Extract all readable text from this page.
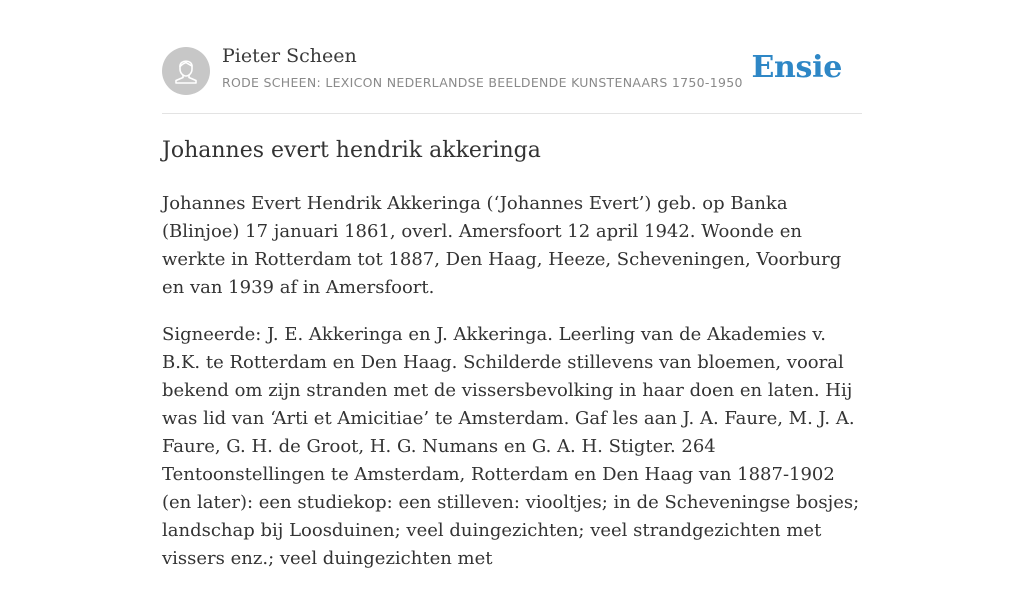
Pieter Scheen
RODE SCHEEN: LEXICON NEDERLANDSE BEELDENDE KUNSTENAARS 1750-1950 Ensie
Johannes evert hendrik akkeringa

Johannes Evert Hendrik Akkeringa (‘Johannes Evert’) geb. op Banka (Blinjoe) 17 januari 1861, overl. Amersfoort 12 april 1942. Woonde en werkte in Rotterdam tot 1887, Den Haag, Heeze, Scheveningen, Voorburg en van 1939 af in Amersfoort.

Signeerde: J. E. Akkeringa en J. Akkeringa. Leerling van de Akademies v. B.K. te Rotterdam en Den Haag. Schilderde stillevens van bloemen, vooral bekend om zijn stranden met de vissersbevolking in haar doen en laten. Hij was lid van ‘Arti et Amicitiae’ te Amsterdam. Gaf les aan J. A. Faure, M. J. A. Faure, G. H. de Groot, H. G. Numans en G. A. H. Stigter. 264 Tentoonstellingen te Amsterdam, Rotterdam en Den Haag van 1887-1902 (en later): een studiekop: een stilleven: viooltjes; in de Scheveningse bosjes; landschap bij Loosduinen; veel duingezichten; veel strandgezichten met vissers enz.; veel duingezichten met
